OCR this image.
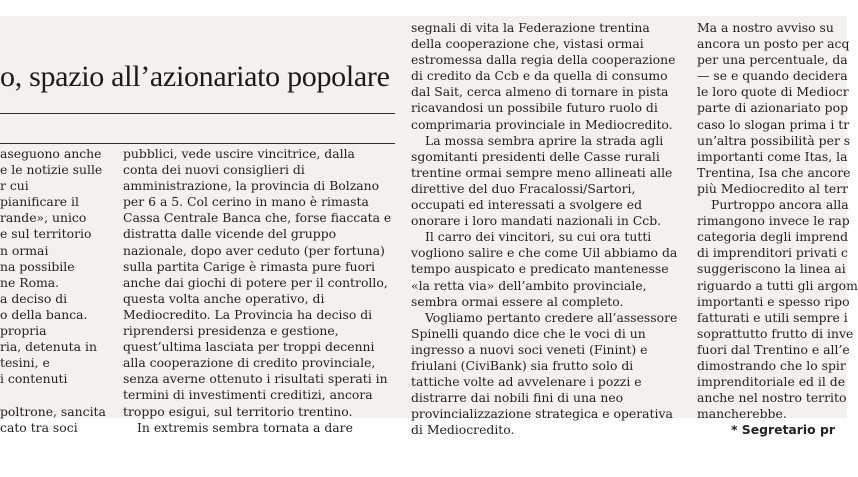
o, spazio all’azionariato popolare
aseguono anche
e le notizie sulle
r cui
pianificare il
rande», unico
e sul territorio
n ormai
na possibile
ne Roma.
a deciso di
o della banca.
propria
ria, detenuta in
tesini, e
i contenuti
poltrone, sancita
cato tra soci
pubblici, vede uscire vincitrice, dalla
conta dei nuovi consiglieri di
amministrazione, la provincia di Bolzano
per 6 a 5. Col cerino in mano è rimasta
Cassa Centrale Banca che, forse fiaccata e
distratta dalle vicende del gruppo
nazionale, dopo aver ceduto (per fortuna)
sulla partita Carige è rimasta pure fuori
anche dai giochi di potere per il controllo,
questa volta anche operativo, di
Mediocredito. La Provincia ha deciso di
riprendersi presidenza e gestione,
quest’ultima lasciata per troppi decenni
alla cooperazione di credito provinciale,
senza averne ottenuto i risultati sperati in
termini di investimenti creditizi, ancora
troppo esigui, sul territorio trentino.
In extremis sembra tornata a dare
segnali di vita la Federazione trentina
della cooperazione che, vistasi ormai
estromessa dalla regia della cooperazione
di credito da Ccb e da quella di consumo
dal Sait, cerca almeno di tornare in pista
ricavandosi un possibile futuro ruolo di
comprimaria provinciale in Mediocredito.
La mossa sembra aprire la strada agli
sgomitanti presidenti delle Casse rurali
trentine ormai sempre meno allineati alle
direttive del duo Fracalossi/Sartori,
occupati ed interessati a svolgere ed
onorare i loro mandati nazionali in Ccb.
Il carro dei vincitori, su cui ora tutti
vogliono salire e che come Uil abbiamo da
tempo auspicato e predicato mantenesse
«la retta via» dell’ambito provinciale,
sembra ormai essere al completo.
Vogliamo pertanto credere all’assessore
Spinelli quando dice che le voci di un
ingresso a nuovi soci veneti (Finint) e
friulani (CiviBank) sia frutto solo di
tattiche volte ad avvelenare i pozzi e
distrarre dai nobili fini di una neo
provincializzazione strategica e operativa
di Mediocredito.
Ma a nostro avviso su
ancora un posto per acq
per una percentuale, da
— se e quando decidera
le loro quote di Mediocr
parte di azionariato pop
caso lo slogan prima i tr
un’altra possibilità per s
importanti come Itas, la
Trentina, Isa che ancore
più Mediocredito al terr
Purtroppo ancora alla
rimangono invece le rap
categoria degli imprend
di imprenditori privati c
suggeriscono la linea ai
riguardo a tutti gli argom
importanti e spesso ripo
fatturati e utili sempre i
soprattutto frutto di inve
fuori dal Trentino e all’e
dimostrando che lo spir
imprenditoriale ed il de
anche nel nostro territo
mancherebbe.
* Segretario pr
